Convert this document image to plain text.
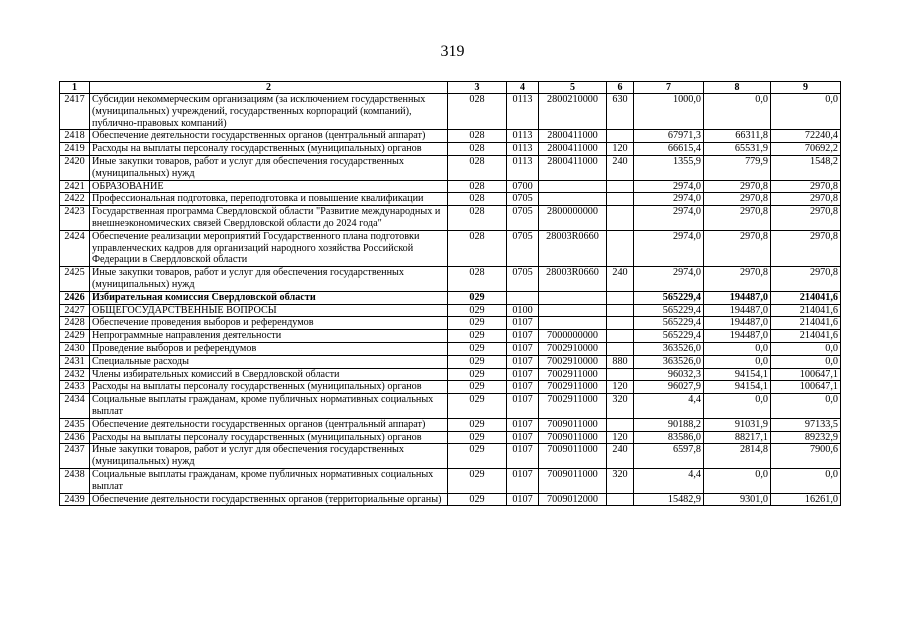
319
1	2	3	4	5	6	7	8	9
2417	Субсидии некоммерческим организациям (за исключением государственных (муниципальных) учреждений, государственных корпораций (компаний), публично-правовых компаний)	028	0113	2800210000	630	1000,0	0,0	0,0
2418	Обеспечение деятельности государственных органов (центральный аппарат)	028	0113	2800411000		67971,3	66311,8	72240,4
2419	Расходы на выплаты персоналу государственных (муниципальных) органов	028	0113	2800411000	120	66615,4	65531,9	70692,2
2420	Иные закупки товаров, работ и услуг для обеспечения государственных (муниципальных) нужд	028	0113	2800411000	240	1355,9	779,9	1548,2
2421	ОБРАЗОВАНИЕ	028	0700			2974,0	2970,8	2970,8
2422	Профессиональная подготовка, переподготовка и повышение квалификации	028	0705			2974,0	2970,8	2970,8
2423	Государственная программа Свердловской области "Развитие международных и внешнеэкономических связей Свердловской области до 2024 года"	028	0705	2800000000		2974,0	2970,8	2970,8
2424	Обеспечение реализации мероприятий Государственного плана подготовки управленческих кадров для организаций народного хозяйства Российской Федерации в Свердловской области	028	0705	28003R0660		2974,0	2970,8	2970,8
2425	Иные закупки товаров, работ и услуг для обеспечения государственных (муниципальных) нужд	028	0705	28003R0660	240	2974,0	2970,8	2970,8
2426	Избирательная комиссия Свердловской области	029				565229,4	194487,0	214041,6
2427	ОБЩЕГОСУДАРСТВЕННЫЕ ВОПРОСЫ	029	0100			565229,4	194487,0	214041,6
2428	Обеспечение проведения выборов и референдумов	029	0107			565229,4	194487,0	214041,6
2429	Непрограммные направления деятельности	029	0107	7000000000		565229,4	194487,0	214041,6
2430	Проведение выборов и референдумов	029	0107	7002910000		363526,0	0,0	0,0
2431	Специальные расходы	029	0107	7002910000	880	363526,0	0,0	0,0
2432	Члены избирательных комиссий в Свердловской области	029	0107	7002911000		96032,3	94154,1	100647,1
2433	Расходы на выплаты персоналу государственных (муниципальных) органов	029	0107	7002911000	120	96027,9	94154,1	100647,1
2434	Социальные выплаты гражданам, кроме публичных нормативных социальных выплат	029	0107	7002911000	320	4,4	0,0	0,0
2435	Обеспечение деятельности государственных органов (центральный аппарат)	029	0107	7009011000		90188,2	91031,9	97133,5
2436	Расходы на выплаты персоналу государственных (муниципальных) органов	029	0107	7009011000	120	83586,0	88217,1	89232,9
2437	Иные закупки товаров, работ и услуг для обеспечения государственных (муниципальных) нужд	029	0107	7009011000	240	6597,8	2814,8	7900,6
2438	Социальные выплаты гражданам, кроме публичных нормативных социальных выплат	029	0107	7009011000	320	4,4	0,0	0,0
2439	Обеспечение деятельности государственных органов (территориальные органы)	029	0107	7009012000		15482,9	9301,0	16261,0
